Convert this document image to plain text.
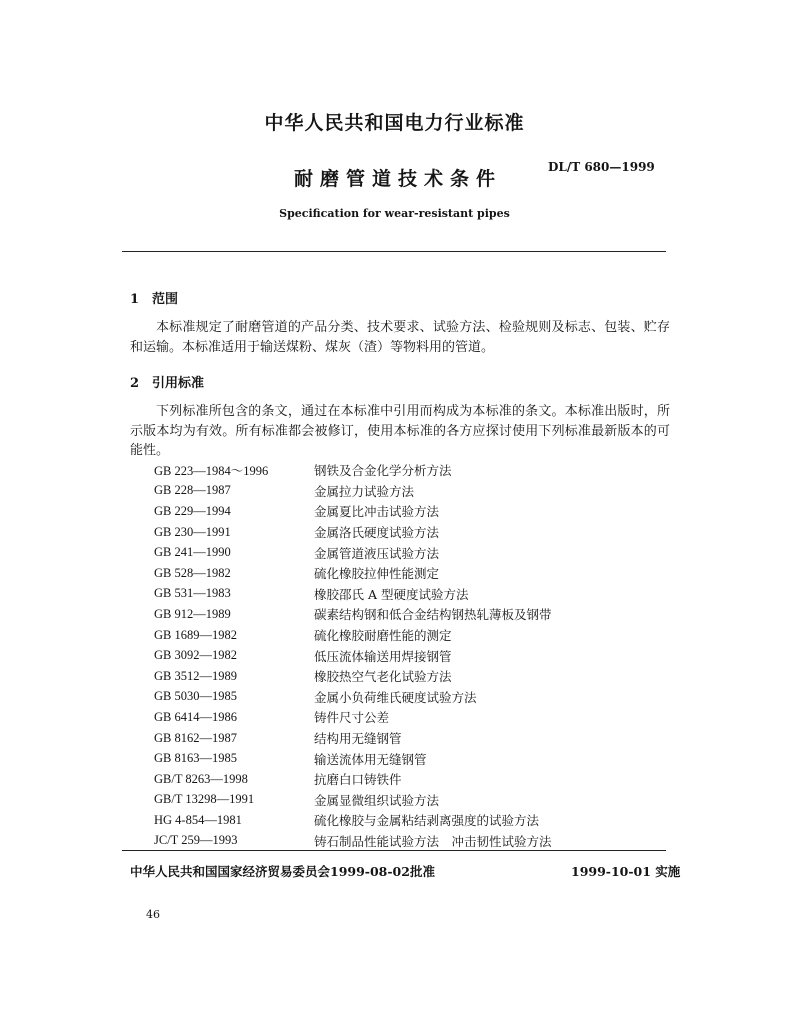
中华人民共和国电力行业标准
耐磨管道技术条件
DL/T 680—1999
Specification for wear-resistant pipes
1 范围
本标准规定了耐磨管道的产品分类、技术要求、试验方法、检验规则及标志、包装、贮存和运输。本标准适用于输送煤粉、煤灰（渣）等物料用的管道。
2 引用标准
下列标准所包含的条文，通过在本标准中引用而构成为本标准的条文。本标准出版时，所示版本均为有效。所有标准都会被修订，使用本标准的各方应探讨使用下列标准最新版本的可能性。
GB 223—1984～1996	钢铁及合金化学分析方法
GB 228—1987	金属拉力试验方法
GB 229—1994	金属夏比冲击试验方法
GB 230—1991	金属洛氏硬度试验方法
GB 241—1990	金属管道液压试验方法
GB 528—1982	硫化橡胶拉伸性能测定
GB 531—1983	橡胶邵氏 A 型硬度试验方法
GB 912—1989	碳素结构钢和低合金结构钢热轧薄板及钢带
GB 1689—1982	硫化橡胶耐磨性能的测定
GB 3092—1982	低压流体输送用焊接钢管
GB 3512—1989	橡胶热空气老化试验方法
GB 5030—1985	金属小负荷维氏硬度试验方法
GB 6414—1986	铸件尺寸公差
GB 8162—1987	结构用无缝钢管
GB 8163—1985	输送流体用无缝钢管
GB/T 8263—1998	抗磨白口铸铁件
GB/T 13298—1991	金属显微组织试验方法
HG 4-854—1981	硫化橡胶与金属粘结剥离强度的试验方法
JC/T 259—1993	铸石制品性能试验方法　冲击韧性试验方法
中华人民共和国国家经济贸易委员会1999-08-02批准	1999-10-01 实施
46
